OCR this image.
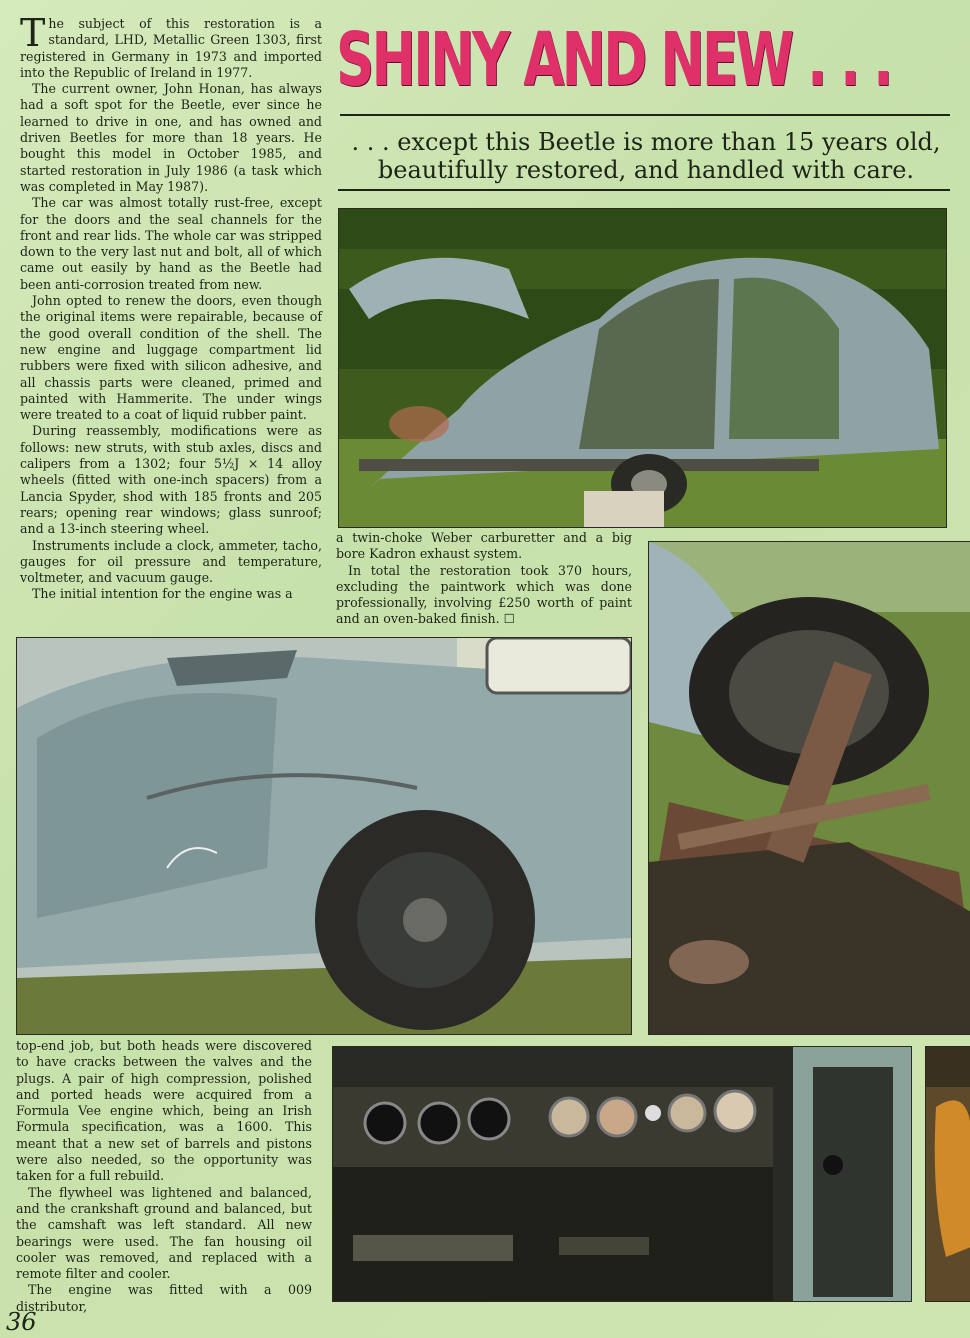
The subject of this restoration is a standard, LHD, Metallic Green 1303, first registered in Germany in 1973 and imported into the Republic of Ireland in 1977.

The current owner, John Honan, has always had a soft spot for the Beetle, ever since he learned to drive in one, and has owned and driven Beetles for more than 18 years. He bought this model in October 1985, and started restoration in July 1986 (a task which was completed in May 1987).

The car was almost totally rust-free, except for the doors and the seal channels for the front and rear lids. The whole car was stripped down to the very last nut and bolt, all of which came out easily by hand as the Beetle had been anti-corrosion treated from new.

John opted to renew the doors, even though the original items were repairable, because of the good overall condition of the shell. The new engine and luggage compartment lid rubbers were fixed with silicon adhesive, and all chassis parts were cleaned, primed and painted with Hammerite. The under wings were treated to a coat of liquid rubber paint.

During reassembly, modifications were as follows: new struts, with stub axles, discs and calipers from a 1302; four 5½J × 14 alloy wheels (fitted with one-inch spacers) from a Lancia Spyder, shod with 185 fronts and 205 rears; opening rear windows; glass sunroof; and a 13-inch steering wheel.

Instruments include a clock, ammeter, tacho, gauges for oil pressure and temperature, voltmeter, and vacuum gauge.

The initial intention for the engine was a

SHINY AND NEW . . .
. . . except this Beetle is more than 15 years old, beautifully restored, and handled with care.

a twin-choke Weber carburetter and a big bore Kadron exhaust system.

In total the restoration took 370 hours, excluding the paintwork which was done professionally, involving £250 worth of paint and an oven-baked finish. ☐

top-end job, but both heads were discovered to have cracks between the valves and the plugs. A pair of high compression, polished and ported heads were acquired from a Formula Vee engine which, being an Irish Formula specification, was a 1600. This meant that a new set of barrels and pistons were also needed, so the opportunity was taken for a full rebuild.

The flywheel was lightened and balanced, and the crankshaft ground and balanced, but the camshaft was left standard. All new bearings were used. The fan housing oil cooler was removed, and replaced with a remote filter and cooler.

The engine was fitted with a 009 distributor,

36
